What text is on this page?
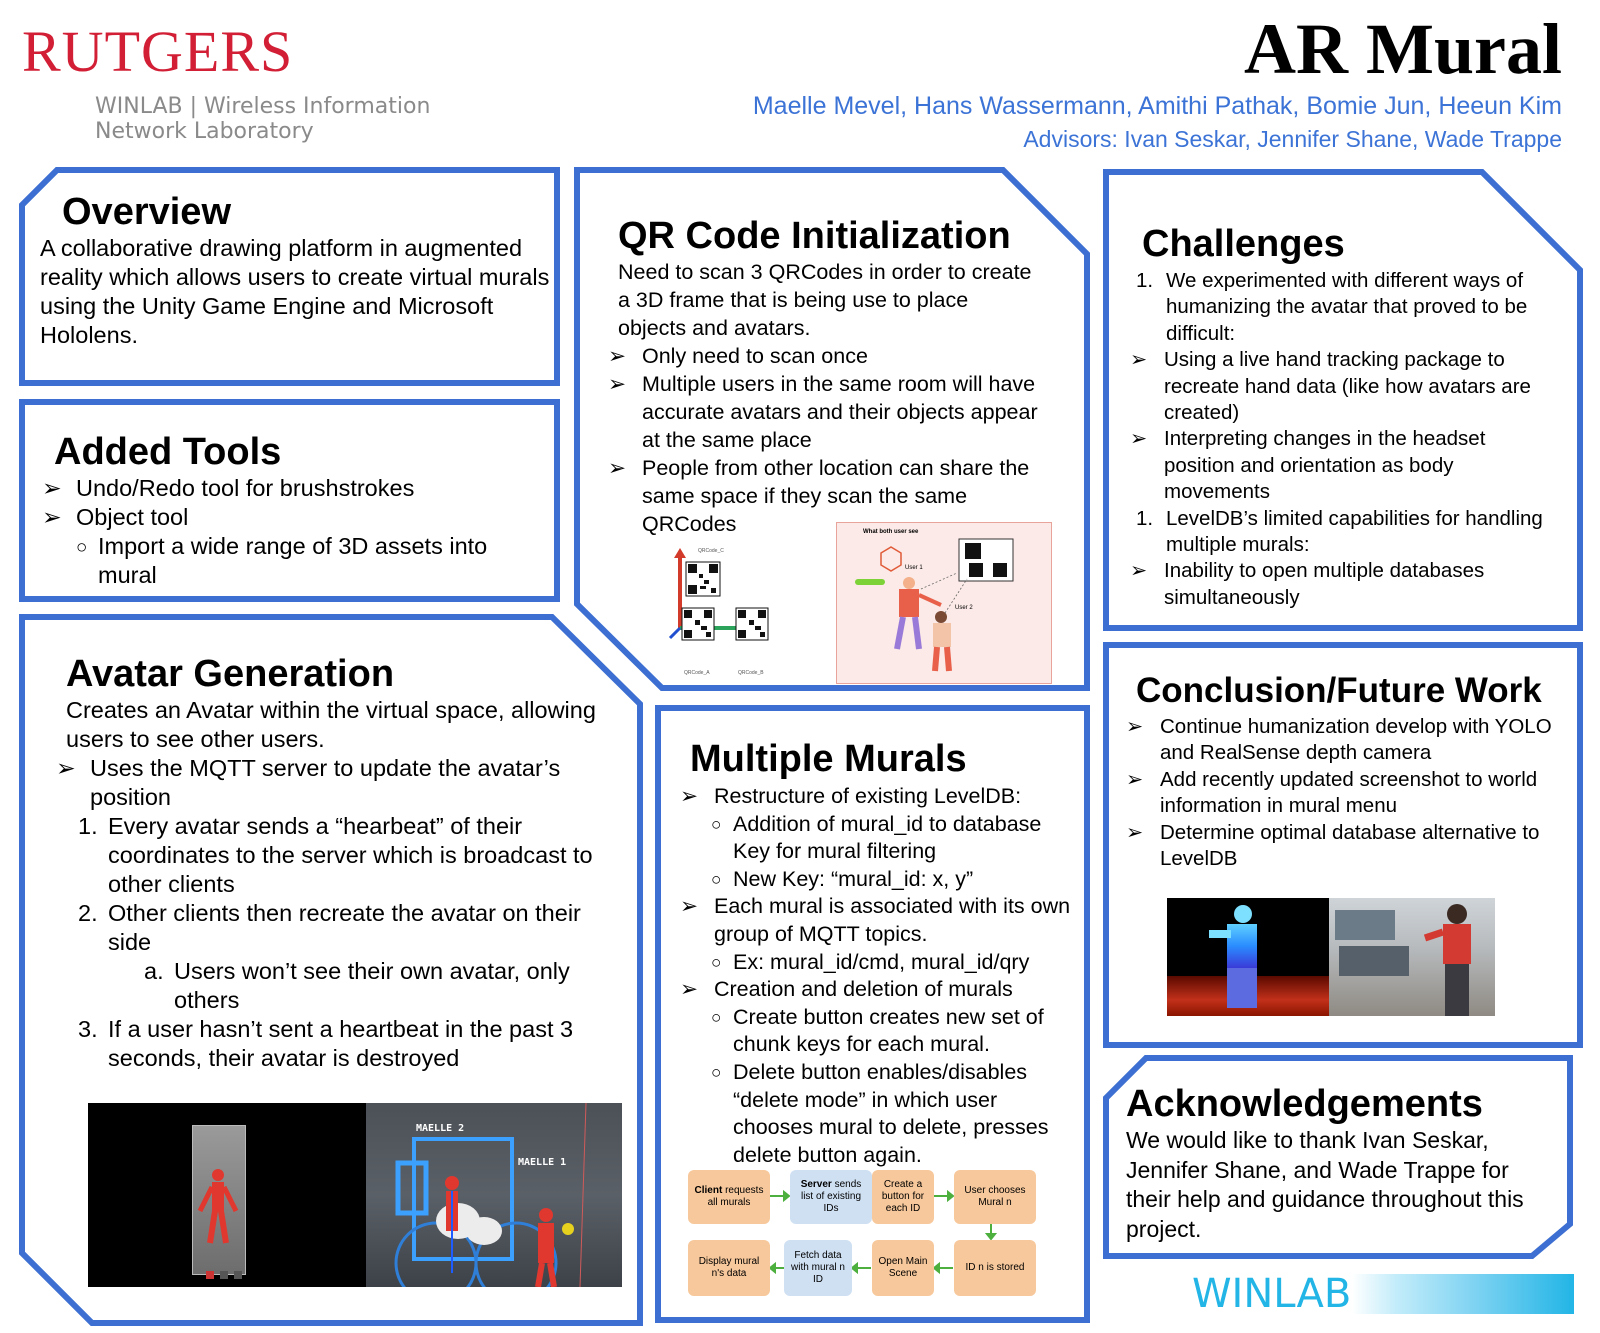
RUTGERS
WINLAB | Wireless Information
Network Laboratory
AR Mural
Maelle Mevel, Hans Wassermann, Amithi Pathak, Bomie Jun, Heeun Kim
Advisors: Ivan Seskar, Jennifer Shane, Wade Trappe
Overview

A collaborative drawing platform in augmented reality which allows users to create virtual murals using the Unity Game Engine and Microsoft Hololens.

Added Tools
➢ Undo/Redo tool for brushstrokes
➢ Object tool
○ Import a wide range of 3D assets into mural
Avatar Generation

Creates an Avatar within the virtual space, allowing users to see other users.

➢ Uses the MQTT server to update the avatar’s position
1. Every avatar sends a “hearbeat” of their coordinates to the server which is broadcast to other clients
2. Other clients then recreate the avatar on their side
a. Users won’t see their own avatar, only others
3. If a user hasn’t sent a heartbeat in the past 3 seconds, their avatar is destroyed
MAELLE 2
MAELLE 1
QR Code Initialization

Need to scan 3 QRCodes in order to create a 3D frame that is being use to place objects and avatars.

➢ Only need to scan once
➢ Multiple users in the same room will have accurate avatars and their objects appear at the same place
➢ People from other location can share the same space if they scan the same QRCodes
QRCode_C
QRCode_A	QRCode_B
What both user see
User 1
User 2
Multiple Murals
➢ Restructure of existing LevelDB:
○ Addition of mural_id to database Key for mural filtering
○ New Key: “mural_id: x, y”
➢ Each mural is associated with its own group of MQTT topics.
○ Ex: mural_id/cmd, mural_id/qry
➢ Creation and deletion of murals
○ Create button creates new set of chunk keys for each mural.
○ Delete button enables/disables “delete mode” in which user chooses mural to delete, presses delete button again.
Client requests all murals
Server sends list of existing IDs
Create a button for each ID
User chooses Mural n
ID n is stored
Open Main Scene
Fetch data with mural n ID
Display mural n's data
Challenges
1. We experimented with different ways of humanizing the avatar that proved to be difficult:
➢ Using a live hand tracking package to recreate hand data (like how avatars are created)
➢ Interpreting changes in the headset position and orientation as body movements
1. LevelDB’s limited capabilities for handling multiple murals:
➢ Inability to open multiple databases simultaneously
Conclusion/Future Work
➢ Continue humanization develop with YOLO and RealSense depth camera
➢ Add recently updated screenshot to world information in mural menu
➢ Determine optimal database alternative to LevelDB
Acknowledgements

We would like to thank Ivan Seskar, Jennifer Shane, and Wade Trappe for their help and guidance throughout this project.

WINLAB
